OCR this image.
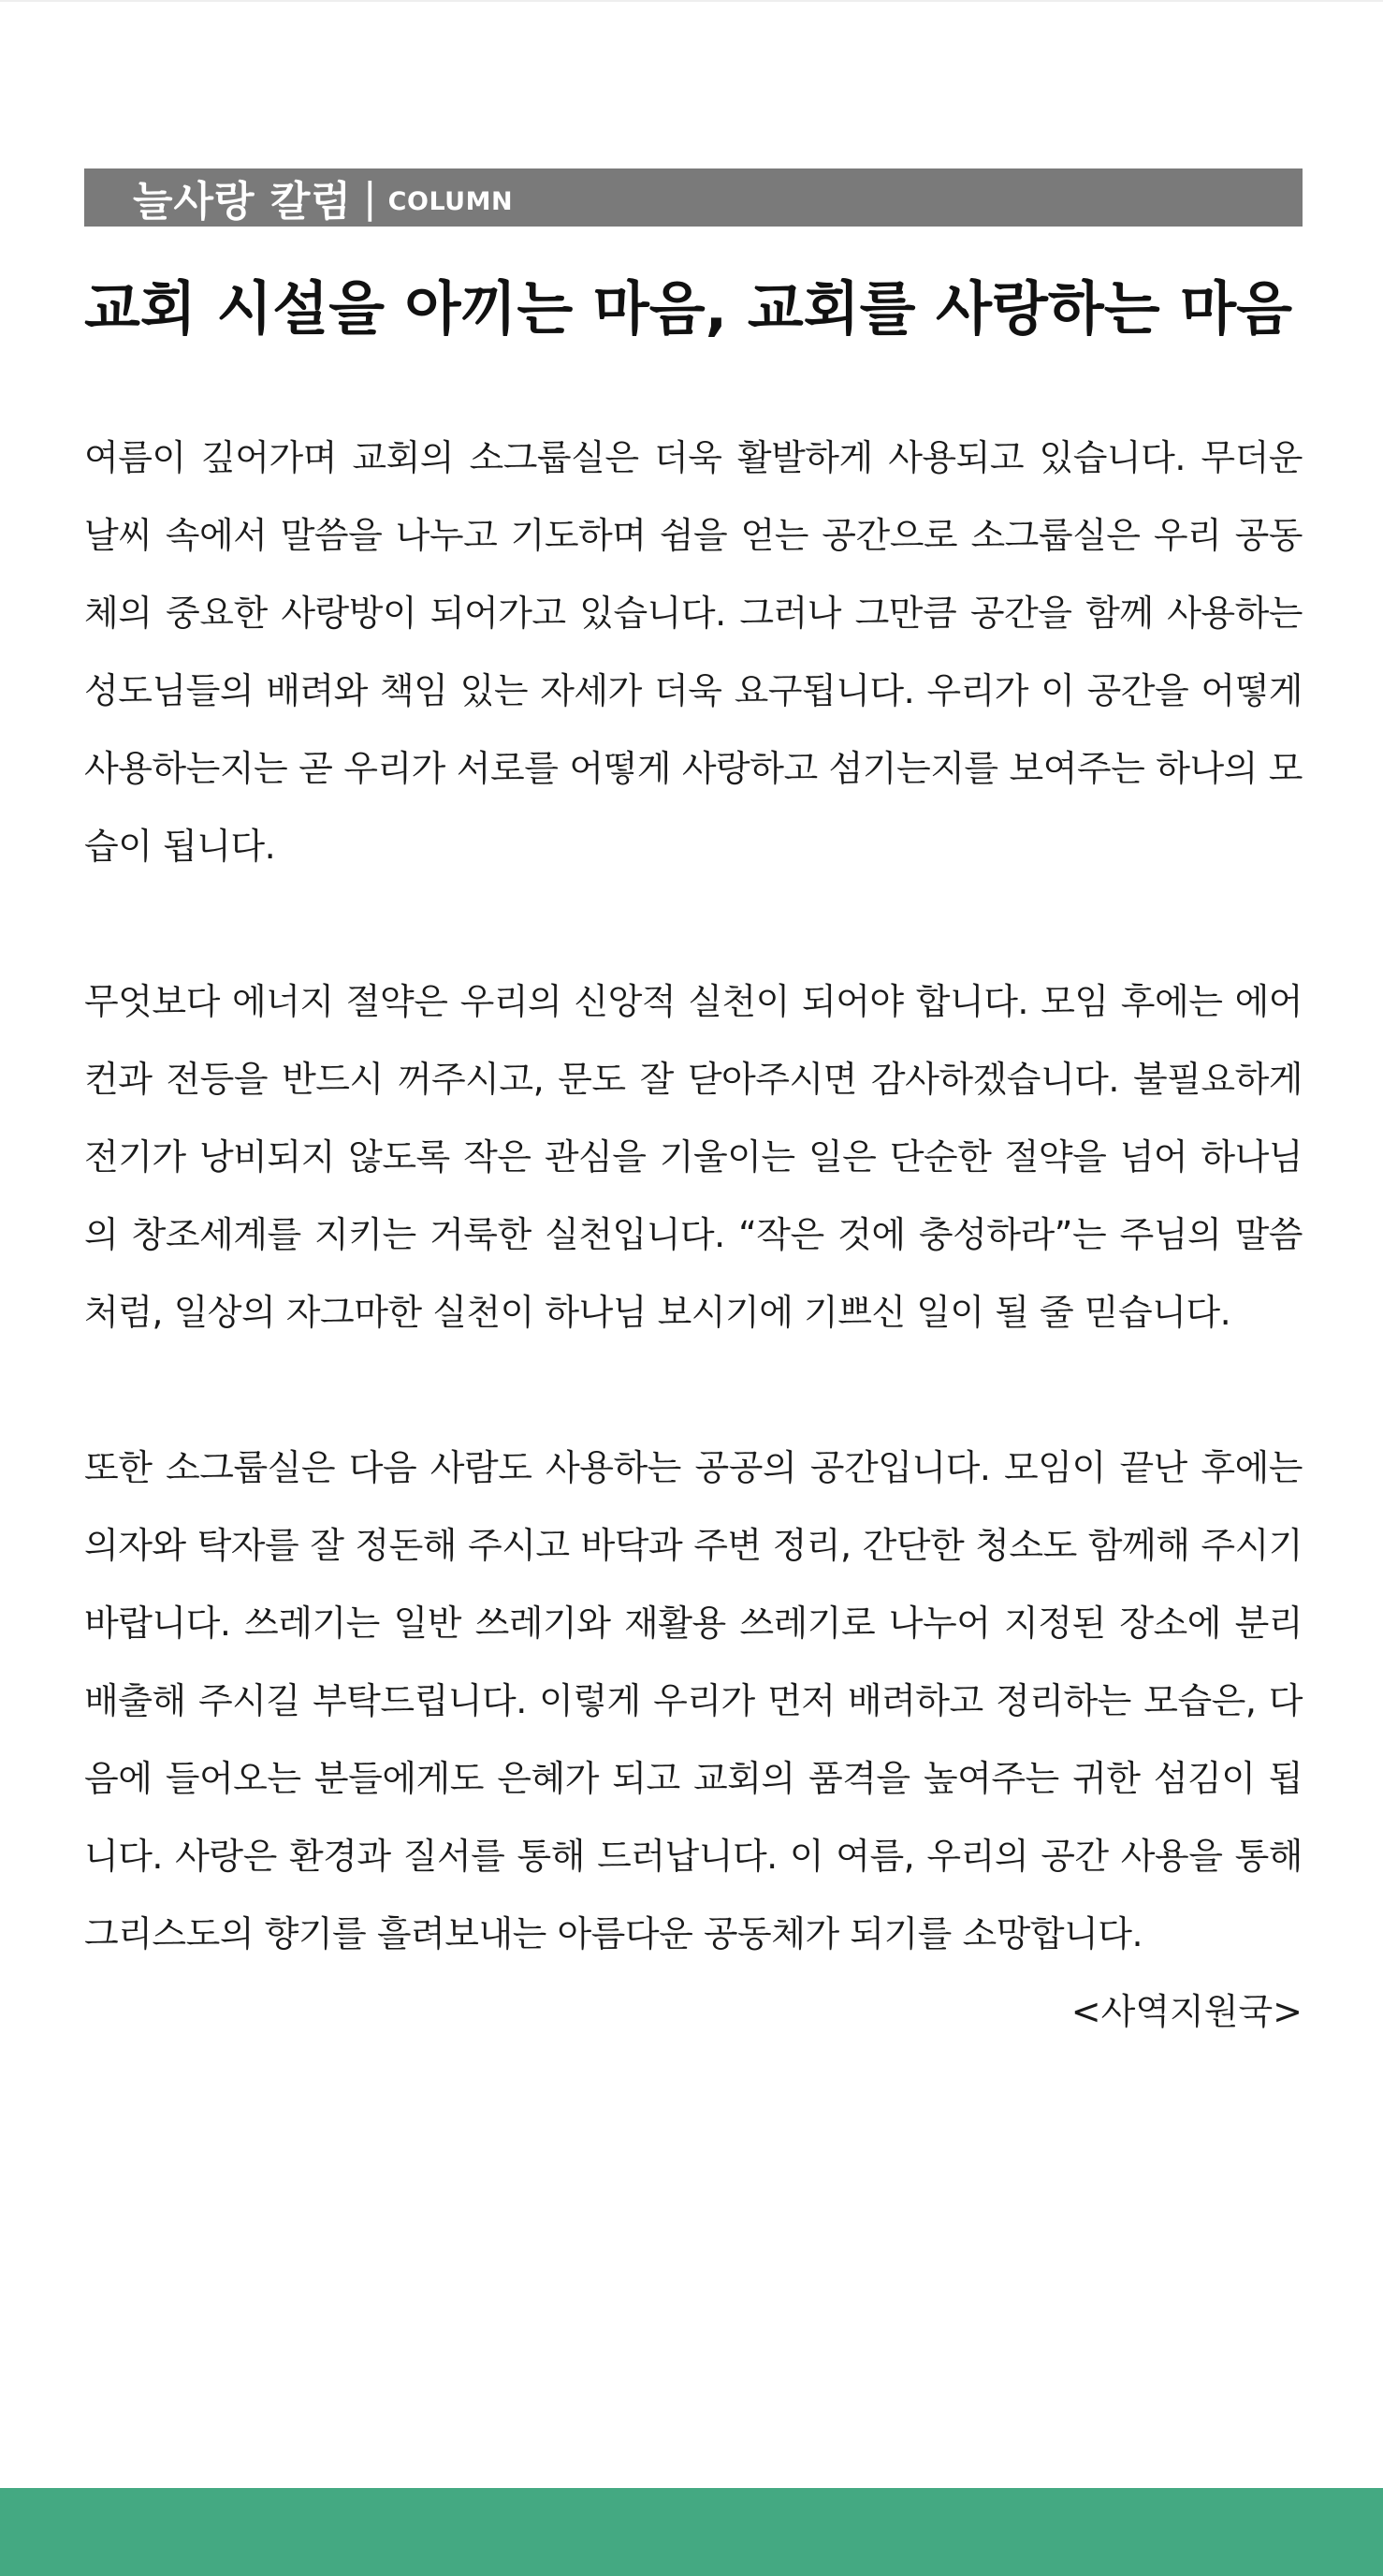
늘사랑 칼럼 | COLUMN
교회 시설을 아끼는 마음, 교회를 사랑하는 마음

여름이 깊어가며 교회의 소그룹실은 더욱 활발하게 사용되고 있습니다. 무더운 날씨 속에서 말씀을 나누고 기도하며 쉼을 얻는 공간으로 소그룹실은 우리 공동체의 중요한 사랑방이 되어가고 있습니다. 그러나 그만큼 공간을 함께 사용하는 성도님들의 배려와 책임 있는 자세가 더욱 요구됩니다. 우리가 이 공간을 어떻게 사용하는지는 곧 우리가 서로를 어떻게 사랑하고 섬기는지를 보여주는 하나의 모습이 됩니다.

무엇보다 에너지 절약은 우리의 신앙적 실천이 되어야 합니다. 모임 후에는 에어컨과 전등을 반드시 꺼주시고, 문도 잘 닫아주시면 감사하겠습니다. 불필요하게 전기가 낭비되지 않도록 작은 관심을 기울이는 일은 단순한 절약을 넘어 하나님의 창조세계를 지키는 거룩한 실천입니다. “작은 것에 충성하라”는 주님의 말씀처럼, 일상의 자그마한 실천이 하나님 보시기에 기쁘신 일이 될 줄 믿습니다.

또한 소그룹실은 다음 사람도 사용하는 공공의 공간입니다. 모임이 끝난 후에는 의자와 탁자를 잘 정돈해 주시고 바닥과 주변 정리, 간단한 청소도 함께해 주시기 바랍니다. 쓰레기는 일반 쓰레기와 재활용 쓰레기로 나누어 지정된 장소에 분리배출해 주시길 부탁드립니다. 이렇게 우리가 먼저 배려하고 정리하는 모습은, 다음에 들어오는 분들에게도 은혜가 되고 교회의 품격을 높여주는 귀한 섬김이 됩니다. 사랑은 환경과 질서를 통해 드러납니다. 이 여름, 우리의 공간 사용을 통해 그리스도의 향기를 흘려보내는 아름다운 공동체가 되기를 소망합니다.

<사역지원국>
